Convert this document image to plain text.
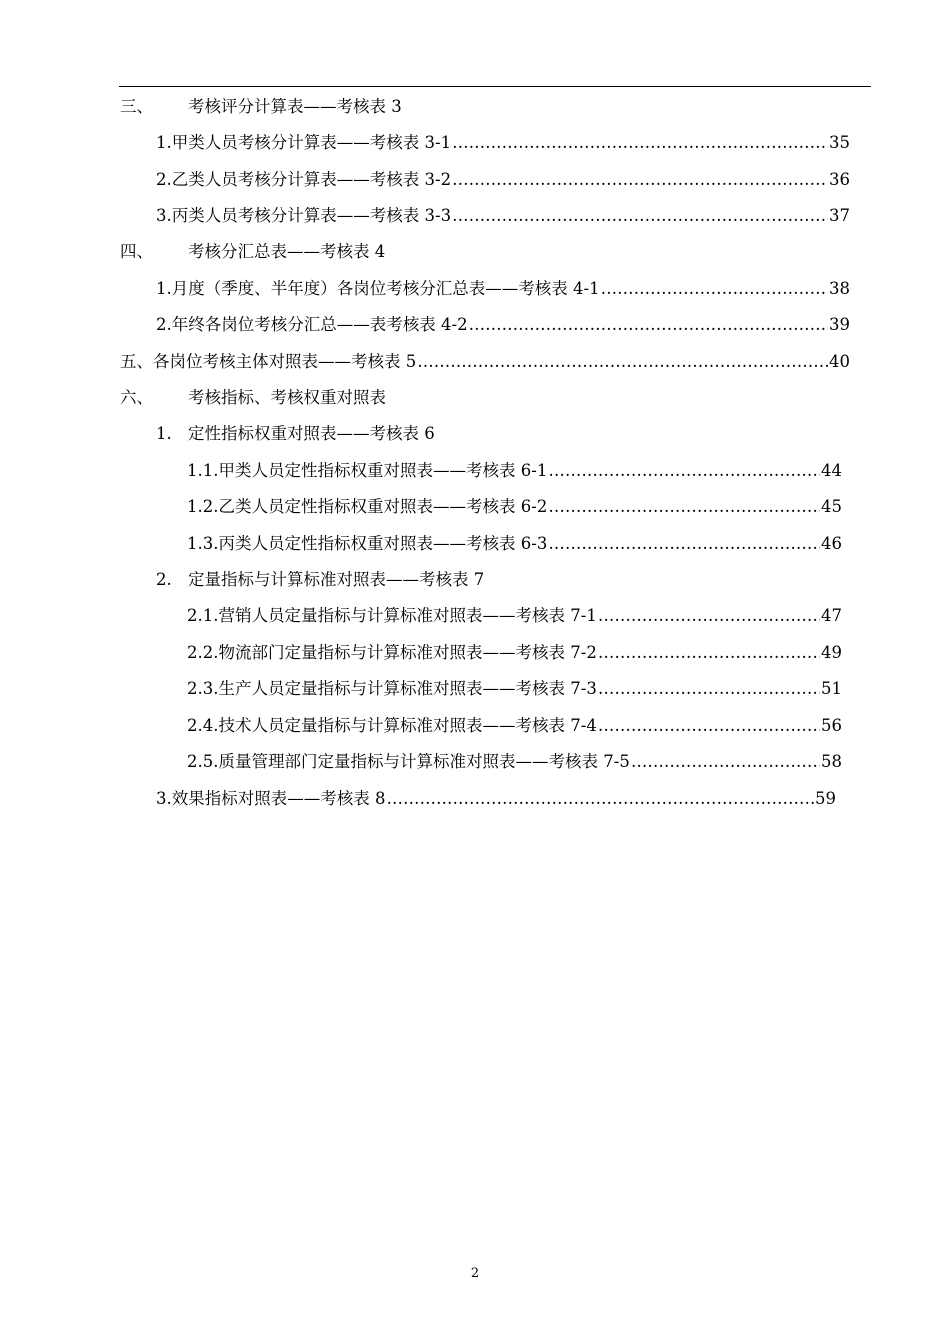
三、	考核评分计算表——考核表 3
1. 甲类人员考核分计算表——考核表 3-1 …………………………………………………………………………………………………………………………………………………………………………………………	35
2. 乙类人员考核分计算表——考核表 3-2 …………………………………………………………………………………………………………………………………………………………………………………………	36
3. 丙类人员考核分计算表——考核表 3-3 …………………………………………………………………………………………………………………………………………………………………………………………	37
四、	考核分汇总表——考核表 4
1. 月度（季度、半年度）各岗位考核分汇总表——考核表 4-1 …………………………………………………………………………………………………………………………………………………………………………………………	38
2. 年终各岗位考核分汇总——表考核表 4-2 …………………………………………………………………………………………………………………………………………………………………………………………	39
五、 各岗位考核主体对照表——考核表 5 …………………………………………………………………………………………………………………………………………………………………………………………	40
六、	考核指标、考核权重对照表
1. 定性指标权重对照表——考核表 6
1.1. 甲类人员定性指标权重对照表——考核表 6-1 …………………………………………………………………………………………………………………………………………………………………………………………	44
1.2. 乙类人员定性指标权重对照表——考核表 6-2 …………………………………………………………………………………………………………………………………………………………………………………………	45
1.3. 丙类人员定性指标权重对照表——考核表 6-3 …………………………………………………………………………………………………………………………………………………………………………………………	46
2. 定量指标与计算标准对照表——考核表 7
2.1. 营销人员定量指标与计算标准对照表——考核表 7-1 …………………………………………………………………………………………………………………………………………………………………………………………	47
2.2. 物流部门定量指标与计算标准对照表——考核表 7-2 …………………………………………………………………………………………………………………………………………………………………………………………	49
2.3. 生产人员定量指标与计算标准对照表——考核表 7-3 …………………………………………………………………………………………………………………………………………………………………………………………	51
2.4. 技术人员定量指标与计算标准对照表——考核表 7-4 …………………………………………………………………………………………………………………………………………………………………………………………	56
2.5. 质量管理部门定量指标与计算标准对照表——考核表 7-5 …………………………………………………………………………………………………………………………………………………………………………………………	58
3. 效果指标对照表——考核表 8 …………………………………………………………………………………………………………………………………………………………………………………………	59
2
